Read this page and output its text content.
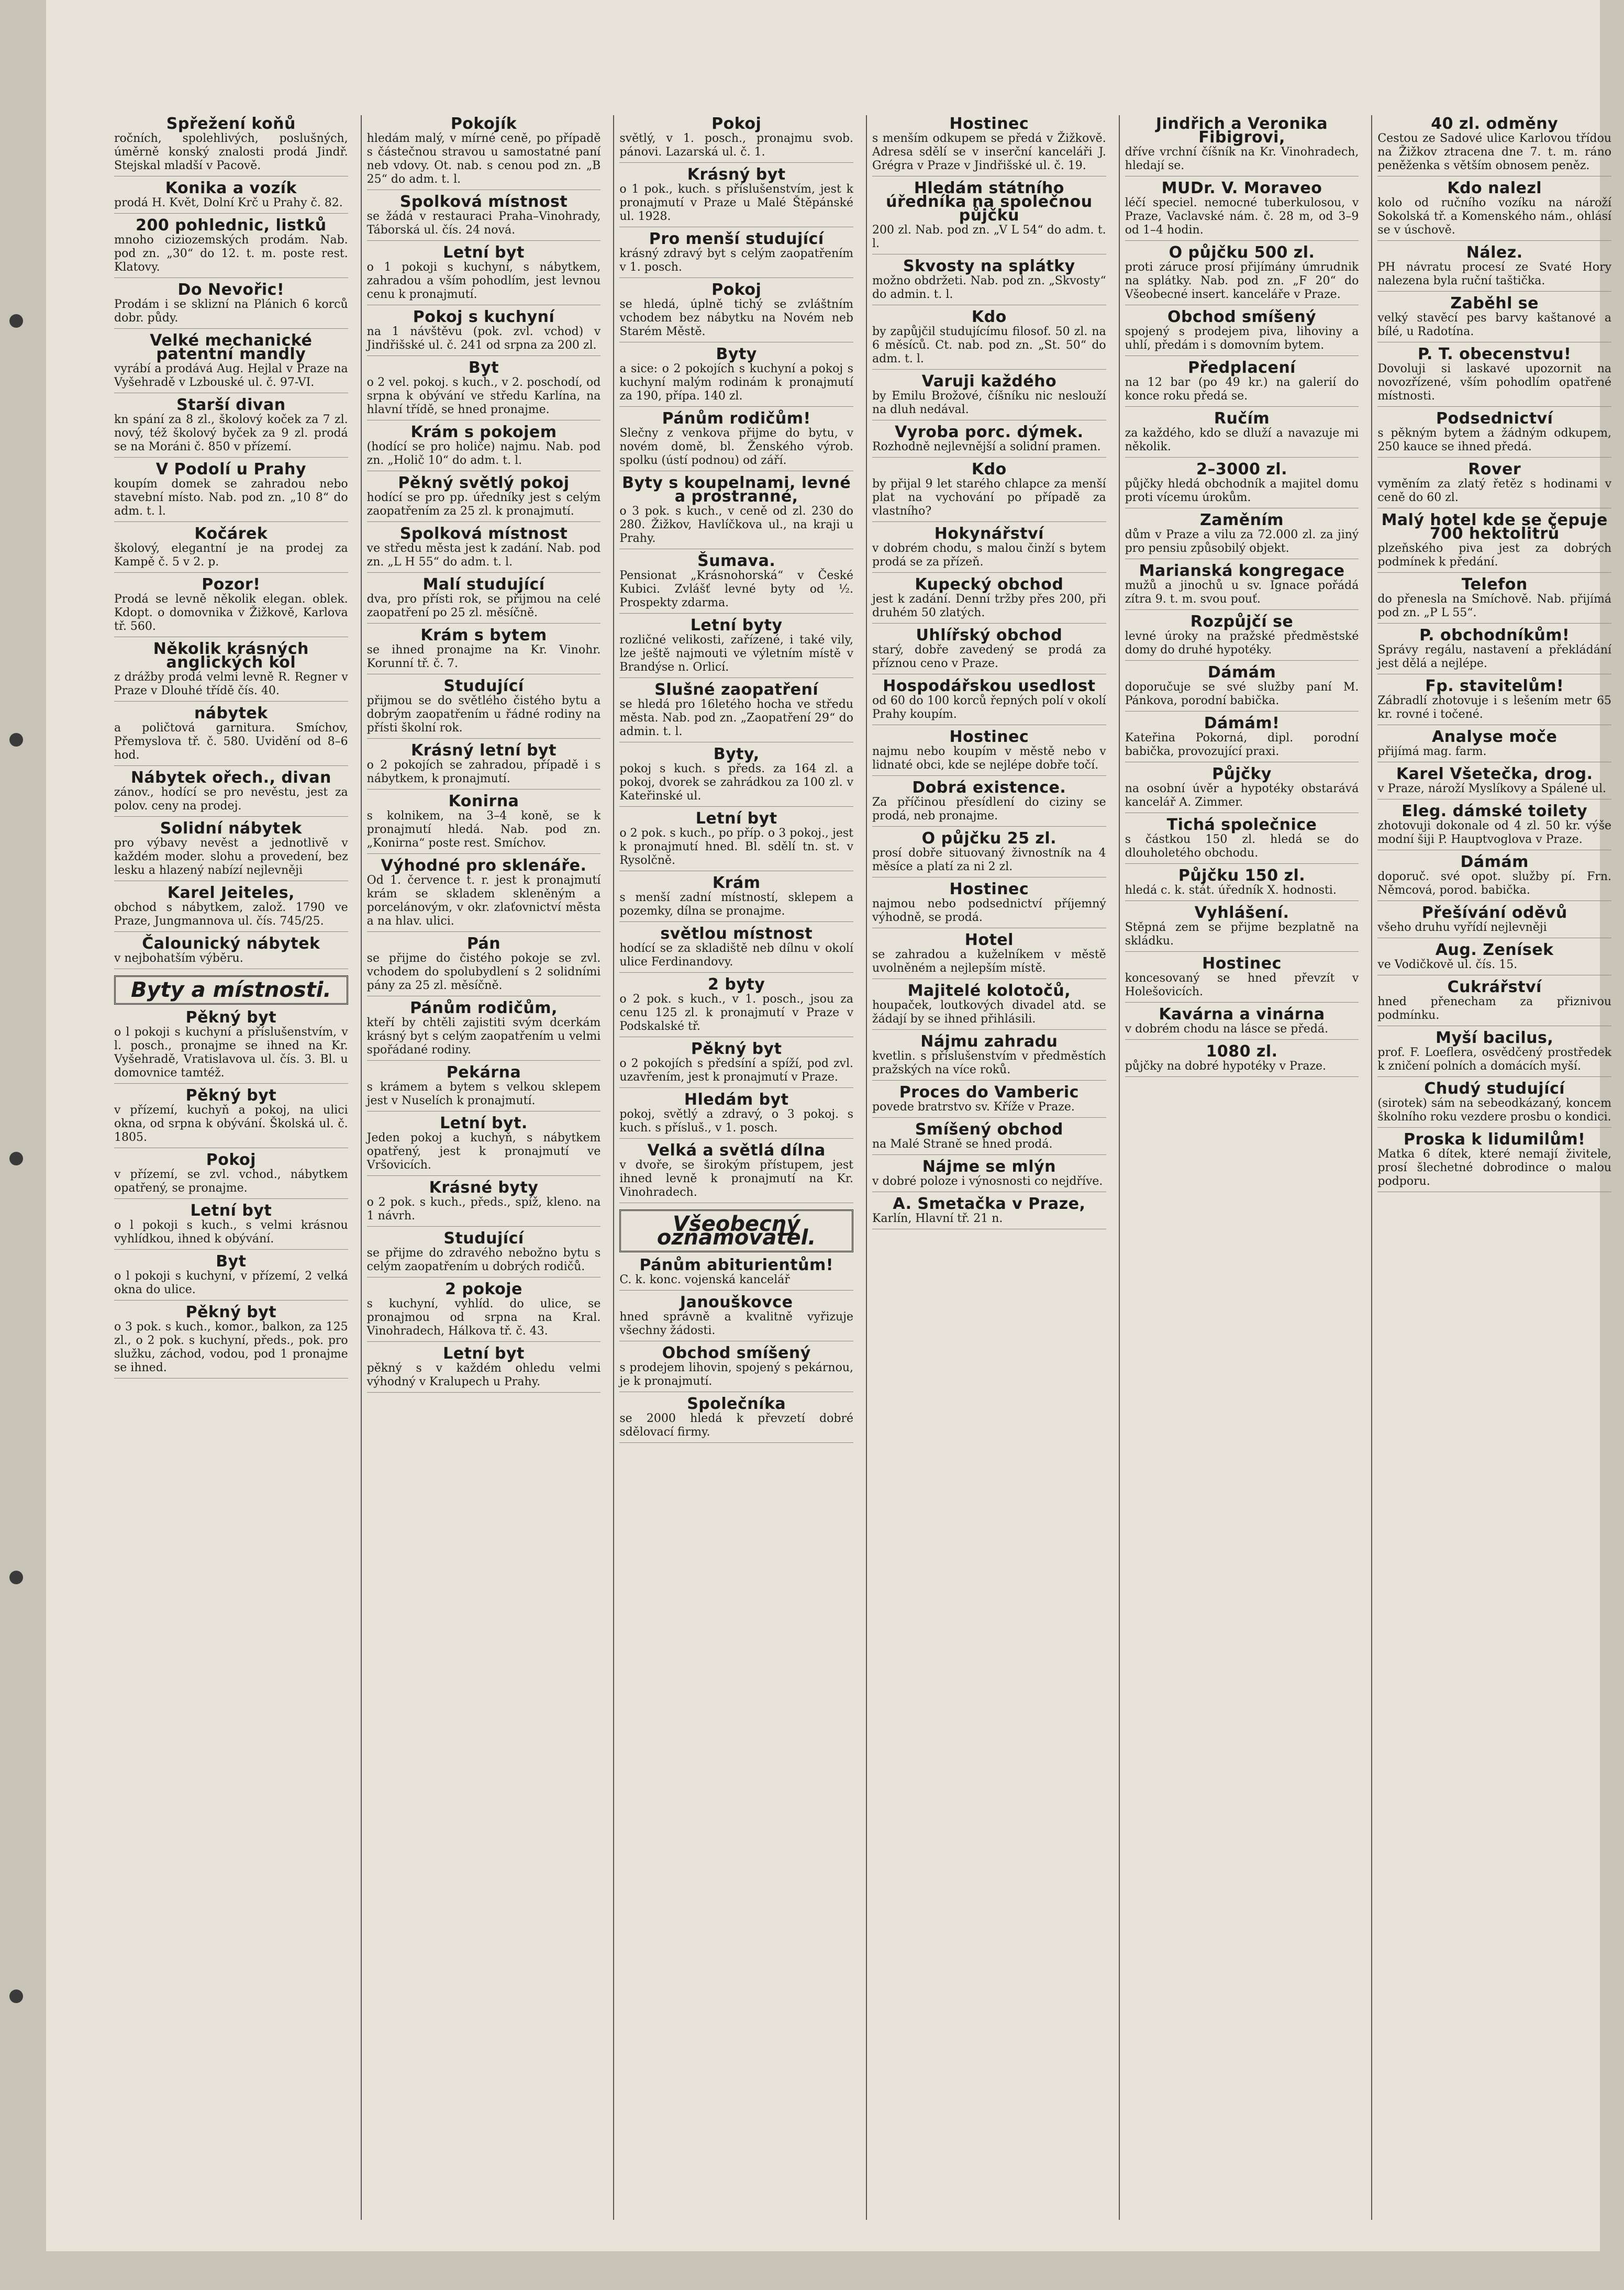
Spřežení koňů

ročních, spolehlivých, poslušných, úměrně konský znalosti prodá Jindř. Stejskal mladší v Pacově.

Konika a vozík

prodá H. Květ, Dolní Krč u Prahy č. 82.

200 pohlednic, listků

mnoho ciziozemských prodám. Nab. pod zn. „30“ do 12. t. m. poste rest. Klatovy.

Do Nevořic!

Prodám i se sklizní na Plánich 6 korců dobr. půdy.

Velké mechanické patentní mandly

vyrábí a prodává Aug. Hejlal v Praze na Vyšehradě v Lzbouské ul. č. 97-VI.

Starší divan

kn spání za 8 zl., školový koček za 7 zl. nový, též školový byček za 9 zl. prodá se na Moráni č. 850 v přízemí.

V Podolí u Prahy

koupím domek se zahradou nebo stavební místo. Nab. pod zn. „10 8“ do adm. t. l.

Kočárek

školový, elegantní je na prodej za Kampě č. 5 v 2. p.

Pozor!

Prodá se levně několik elegan. oblek. Kdopt. o domovnika v Žižkově, Karlova tř. 560.

Několik krásných anglických kol

z drážby prodá velmi levně R. Regner v Praze v Dlouhé třídě čís. 40.

nábytek

a poličtová garnitura. Smíchov, Přemyslova tř. č. 580. Uvidění od 8–6 hod.

Nábytek ořech., divan

zánov., hodící se pro nevěstu, jest za polov. ceny na prodej.

Solidní nábytek

pro výbavy nevěst a jednotlivě v každém moder. slohu a provedení, bez lesku a hlazený nabízí nejlevněji

Karel Jeiteles,

obchod s nábytkem, založ. 1790 ve Praze, Jungmannova ul. čís. 745/25.

Čalounický nábytek

v nejbohatším výběru.

Byty a místnosti.
Pěkný byt

o l pokoji s kuchyní a příslušenstvím, v l. posch., pronajme se ihned na Kr. Vyšehradě, Vratislavova ul. čís. 3. Bl. u domovnice tamtéž.

Pěkný byt

v přízemí, kuchyň a pokoj, na ulici okna, od srpna k obývání. Školská ul. č. 1805.

Pokoj

v přízemí, se zvl. vchod., nábytkem opatřený, se pronajme.

Letní byt

o l pokoji s kuch., s velmi krásnou vyhlídkou, ihned k obývání.

Byt

o l pokoji s kuchyní, v přízemí, 2 velká okna do ulice.

Pěkný byt

o 3 pok. s kuch., komor., balkon, za 125 zl., o 2 pok. s kuchyní, předs., pok. pro služku, záchod, vodou, pod 1 pronajme se ihned.

Pokojík

hledám malý, v mírné ceně, po případě s částečnou stravou u samostatné paní neb vdovy. Ot. nab. s cenou pod zn. „B 25“ do adm. t. l.

Spolková místnost

se žádá v restauraci Praha–Vinohrady, Táborská ul. čís. 24 nová.

Letní byt

o 1 pokoji s kuchyní, s nábytkem, zahradou a vším pohodlím, jest levnou cenu k pronajmutí.

Pokoj s kuchyní

na 1 návštěvu (pok. zvl. vchod) v Jindřišské ul. č. 241 od srpna za 200 zl.

Byt

o 2 vel. pokoj. s kuch., v 2. poschodí, od srpna k obývání ve středu Karlína, na hlavní třídě, se hned pronajme.

Krám s pokojem

(hodící se pro holiče) najmu. Nab. pod zn. „Holič 10“ do adm. t. l.

Pěkný světlý pokoj

hodící se pro pp. úředníky jest s celým zaopatřením za 25 zl. k pronajmutí.

Spolková místnost

ve středu města jest k zadání. Nab. pod zn. „L H 55“ do adm. t. l.

Malí studující

dva, pro přísti rok, se přijmou na celé zaopatření po 25 zl. měsíčně.

Krám s bytem

se ihned pronajme na Kr. Vinohr. Korunní tř. č. 7.

Studující

přijmou se do světlého čistého bytu a dobrým zaopatřením u řádné rodiny na přísti školní rok.

Krásný letní byt

o 2 pokojích se zahradou, případě i s nábytkem, k pronajmutí.

Konirna

s kolnikem, na 3–4 koně, se k pronajmutí hledá. Nab. pod zn. „Konirna“ poste rest. Smíchov.

Výhodné pro sklenáře.

Od 1. července t. r. jest k pronajmutí krám se skladem skleněným a porcelánovým, v okr. zlaťovnictví města a na hlav. ulici.

Pán

se přijme do čistého pokoje se zvl. vchodem do spolubydlení s 2 solidními pány za 25 zl. měsíčně.

Pánům rodičům,

kteří by chtěli zajistiti svým dcerkám krásný byt s celým zaopatřením u velmi spořádané rodiny.

Pekárna

s krámem a bytem s velkou sklepem jest v Nuselích k pronajmutí.

Letní byt.

Jeden pokoj a kuchyň, s nábytkem opatřený, jest k pronajmutí ve Vršovicích.

Krásné byty

o 2 pok. s kuch., předs., spíž, kleno. na 1 návrh.

Studující

se přijme do zdravého nebožno bytu s celým zaopatřením u dobrých rodičů.

2 pokoje

s kuchyní, vyhlíd. do ulice, se pronajmou od srpna na Kral. Vinohradech, Hálkova tř. č. 43.

Letní byt

pěkný s v každém ohledu velmi výhodný v Kralupech u Prahy.

Pokoj

světlý, v 1. posch., pronajmu svob. pánovi. Lazarská ul. č. 1.

Krásný byt

o 1 pok., kuch. s příslušenstvím, jest k pronajmutí v Praze u Malé Štěpánské ul. 1928.

Pro menší studující

krásný zdravý byt s celým zaopatřením v 1. posch.

Pokoj

se hledá, úplně tichý se zvláštním vchodem bez nábytku na Novém neb Starém Městě.

Byty

a sice: o 2 pokojích s kuchyní a pokoj s kuchyní malým rodinám k pronajmutí za 190, přípa. 140 zl.

Pánům rodičům!

Slečny z venkova přijme do bytu, v novém domě, bl. Ženského výrob. spolku (ústí podnou) od září.

Byty s koupelnami, levné a prostranné,

o 3 pok. s kuch., v ceně od zl. 230 do 280. Žižkov, Havlíčkova ul., na kraji u Prahy.

Šumava.

Pensionat „Krásnohorská“ v České Kubici. Zvlášť levné byty od ⅟₂. Prospekty zdarma.

Letní byty

rozličné velikosti, zařízené, i také vily, lze ještě najmouti ve výletním místě v Brandýse n. Orlicí.

Slušné zaopatření

se hledá pro 16letého hocha ve středu města. Nab. pod zn. „Zaopatření 29“ do admin. t. l.

Byty,

pokoj s kuch. s předs. za 164 zl. a pokoj, dvorek se zahrádkou za 100 zl. v Kateřinské ul.

Letní byt

o 2 pok. s kuch., po příp. o 3 pokoj., jest k pronajmutí hned. Bl. sdělí tn. st. v Rysolčně.

Krám

s menší zadní místností, sklepem a pozemky, dílna se pronajme.

světlou místnost

hodící se za skladiště neb dílnu v okolí ulice Ferdinandovy.

2 byty

o 2 pok. s kuch., v 1. posch., jsou za cenu 125 zl. k pronajmutí v Praze v Podskalské tř.

Pěkný byt

o 2 pokojích s předsíní a spíží, pod zvl. uzavřením, jest k pronajmutí v Praze.

Hledám byt

pokoj, světlý a zdravý, o 3 pokoj. s kuch. s přísluš., v 1. posch.

Velká a světlá dílna

v dvoře, se širokým přístupem, jest ihned levně k pronajmutí na Kr. Vinohradech.

Všeobecný oznamovatel.
Pánům abiturientům!

C. k. konc. vojenská kancelář

Janouškovce

hned správně a kvalitně vyřizuje všechny žádosti.

Obchod smíšený

s prodejem lihovin, spojený s pekárnou, je k pronajmutí.

Společníka

se 2000 hledá k převzetí dobré sdělovací firmy.

Hostinec

s menším odkupem se předá v Žižkově. Adresa sdělí se v inserční kanceláři J. Grégra v Praze v Jindřišské ul. č. 19.

Hledám státního úředníka na společnou půjčku

200 zl. Nab. pod zn. „V L 54“ do adm. t. l.

Skvosty na splátky

možno obdržeti. Nab. pod zn. „Skvosty“ do admin. t. l.

Kdo

by zapůjčil studujícímu filosof. 50 zl. na 6 měsíců. Ct. nab. pod zn. „St. 50“ do adm. t. l.

Varuji každého

by Emilu Brožové, číšníku nic neslouží na dluh nedával.

Vyroba porc. dýmek.

Rozhodně nejlevnější a solidní pramen.

Kdo

by přijal 9 let starého chlapce za menší plat na vychování po případě za vlastního?

Hokynářství

v dobrém chodu, s malou činží s bytem prodá se za přízeň.

Kupecký obchod

jest k zadání. Denní tržby přes 200, při druhém 50 zlatých.

Uhlířský obchod

starý, dobře zavedený se prodá za příznou ceno v Praze.

Hospodářskou usedlost

od 60 do 100 korců řepných polí v okolí Prahy koupím.

Hostinec

najmu nebo koupím v městě nebo v lidnaté obci, kde se nejlépe dobře točí.

Dobrá existence.

Za příčinou přesídlení do ciziny se prodá, neb pronajme.

O půjčku 25 zl.

prosí dobře situovaný živnostník na 4 měsíce a platí za ni 2 zl.

Hostinec

najmou nebo podsednictví příjemný výhodně, se prodá.

Hotel

se zahradou a kuželníkem v městě uvolněném a nejlepším místě.

Majitelé kolotočů,

houpaček, loutkových divadel atd. se žádají by se ihned přihlásili.

Nájmu zahradu

kvetlin. s příslušenstvím v předměstích pražských na více roků.

Proces do Vamberic

povede bratrstvo sv. Kříže v Praze.

Smíšený obchod

na Malé Straně se hned prodá.

Nájme se mlýn

v dobré poloze i výnosnosti co nejdříve.

A. Smetačka v Praze,

Karlín, Hlavní tř. 21 n.

Jindřich a Veronika Fibigrovi,

dříve vrchní číšník na Kr. Vinohradech, hledají se.

MUDr. V. Moraveo

léčí speciel. nemocné tuberkulosou, v Praze, Vaclavské nám. č. 28 m, od 3–9 od 1–4 hodin.

O půjčku 500 zl.

proti záruce prosí přijímány úmrudnik na splátky. Nab. pod zn. „F 20“ do Všeobecné insert. kanceláře v Praze.

Obchod smíšený

spojený s prodejem piva, lihoviny a uhlí, předám i s domovním bytem.

Předplacení

na 12 bar (po 49 kr.) na galerií do konce roku předá se.

Ručím

za každého, kdo se dluží a navazuje mi několik.

2–3000 zl.

půjčky hledá obchodník a majitel domu proti vícemu úrokům.

Zaměním

dům v Praze a vilu za 72.000 zl. za jiný pro pensiu způsobilý objekt.

Marianská kongregace

mužů a jinochů u sv. Ignace pořádá zítra 9. t. m. svou pouť.

Rozpůjčí se

levné úroky na pražské předměstské domy do druhé hypotéky.

Dámám

doporučuje se své služby paní M. Pánkova, porodní babička.

Dámám!

Kateřina Pokorná, dipl. porodní babička, provozující praxi.

Půjčky

na osobní úvěr a hypotéky obstarává kancelář A. Zimmer.

Tichá společnice

s částkou 150 zl. hledá se do dlouholetého obchodu.

Půjčku 150 zl.

hledá c. k. stát. úředník X. hodnosti.

Vyhlášení.

Stěpná zem se přijme bezplatně na skládku.

Hostinec

koncesovaný se hned převzít v Holešovicích.

Kavárna a vinárna

v dobrém chodu na lásce se předá.

1080 zl.

půjčky na dobré hypotéky v Praze.

40 zl. odměny

Cestou ze Sadové ulice Karlovou třídou na Žižkov ztracena dne 7. t. m. ráno peněženka s větším obnosem peněz.

Kdo nalezl

kolo od ručního vozíku na nároží Sokolská tř. a Komenského nám., ohlásí se v úschově.

Nález.

PH návratu procesí ze Svaté Hory nalezena byla ruční taštička.

Zaběhl se

velký stavěcí pes barvy kaštanové a bílé, u Radotína.

P. T. obecenstvu!

Dovoluji si laskavé upozornit na novozřízené, vším pohodlím opatřené místnosti.

Podsednictví

s pěkným bytem a žádným odkupem, 250 kauce se ihned předá.

Rover

vyměním za zlatý řetěz s hodinami v ceně do 60 zl.

Malý hotel kde se čepuje 700 hektolitrů

plzeňského piva jest za dobrých podmínek k předání.

Telefon

do přenesla na Smíchově. Nab. přijímá pod zn. „P L 55“.

P. obchodníkům!

Správy regálu, nastavení a překládání jest dělá a nejlépe.

Fp. stavitelům!

Zábradlí zhotovuje i s lešením metr 65 kr. rovné i točené.

Analyse moče

přijímá mag. farm.

Karel Všetečka, drog.

v Praze, nároží Myslíkovy a Spálené ul.

Eleg. dámské toilety

zhotovuji dokonale od 4 zl. 50 kr. výše modní šiji P. Hauptvoglova v Praze.

Dámám

doporuč. své opot. služby pí. Frn. Němcová, porod. babička.

Přešívání oděvů

všeho druhu vyřídí nejlevněji

Aug. Zenísek

ve Vodičkově ul. čís. 15.

Cukrářství

hned přenecham za přiznivou podmínku.

Myší bacilus,

prof. F. Loeflera, osvědčený prostředek k zničení polních a domácích myší.

Chudý studující

(sirotek) sám na sebeodkázaný, koncem školního roku vezdere prosbu o kondici.

Proska k lidumilům!

Matka 6 dítek, které nemají živitele, prosí šlechetné dobrodince o malou podporu.
